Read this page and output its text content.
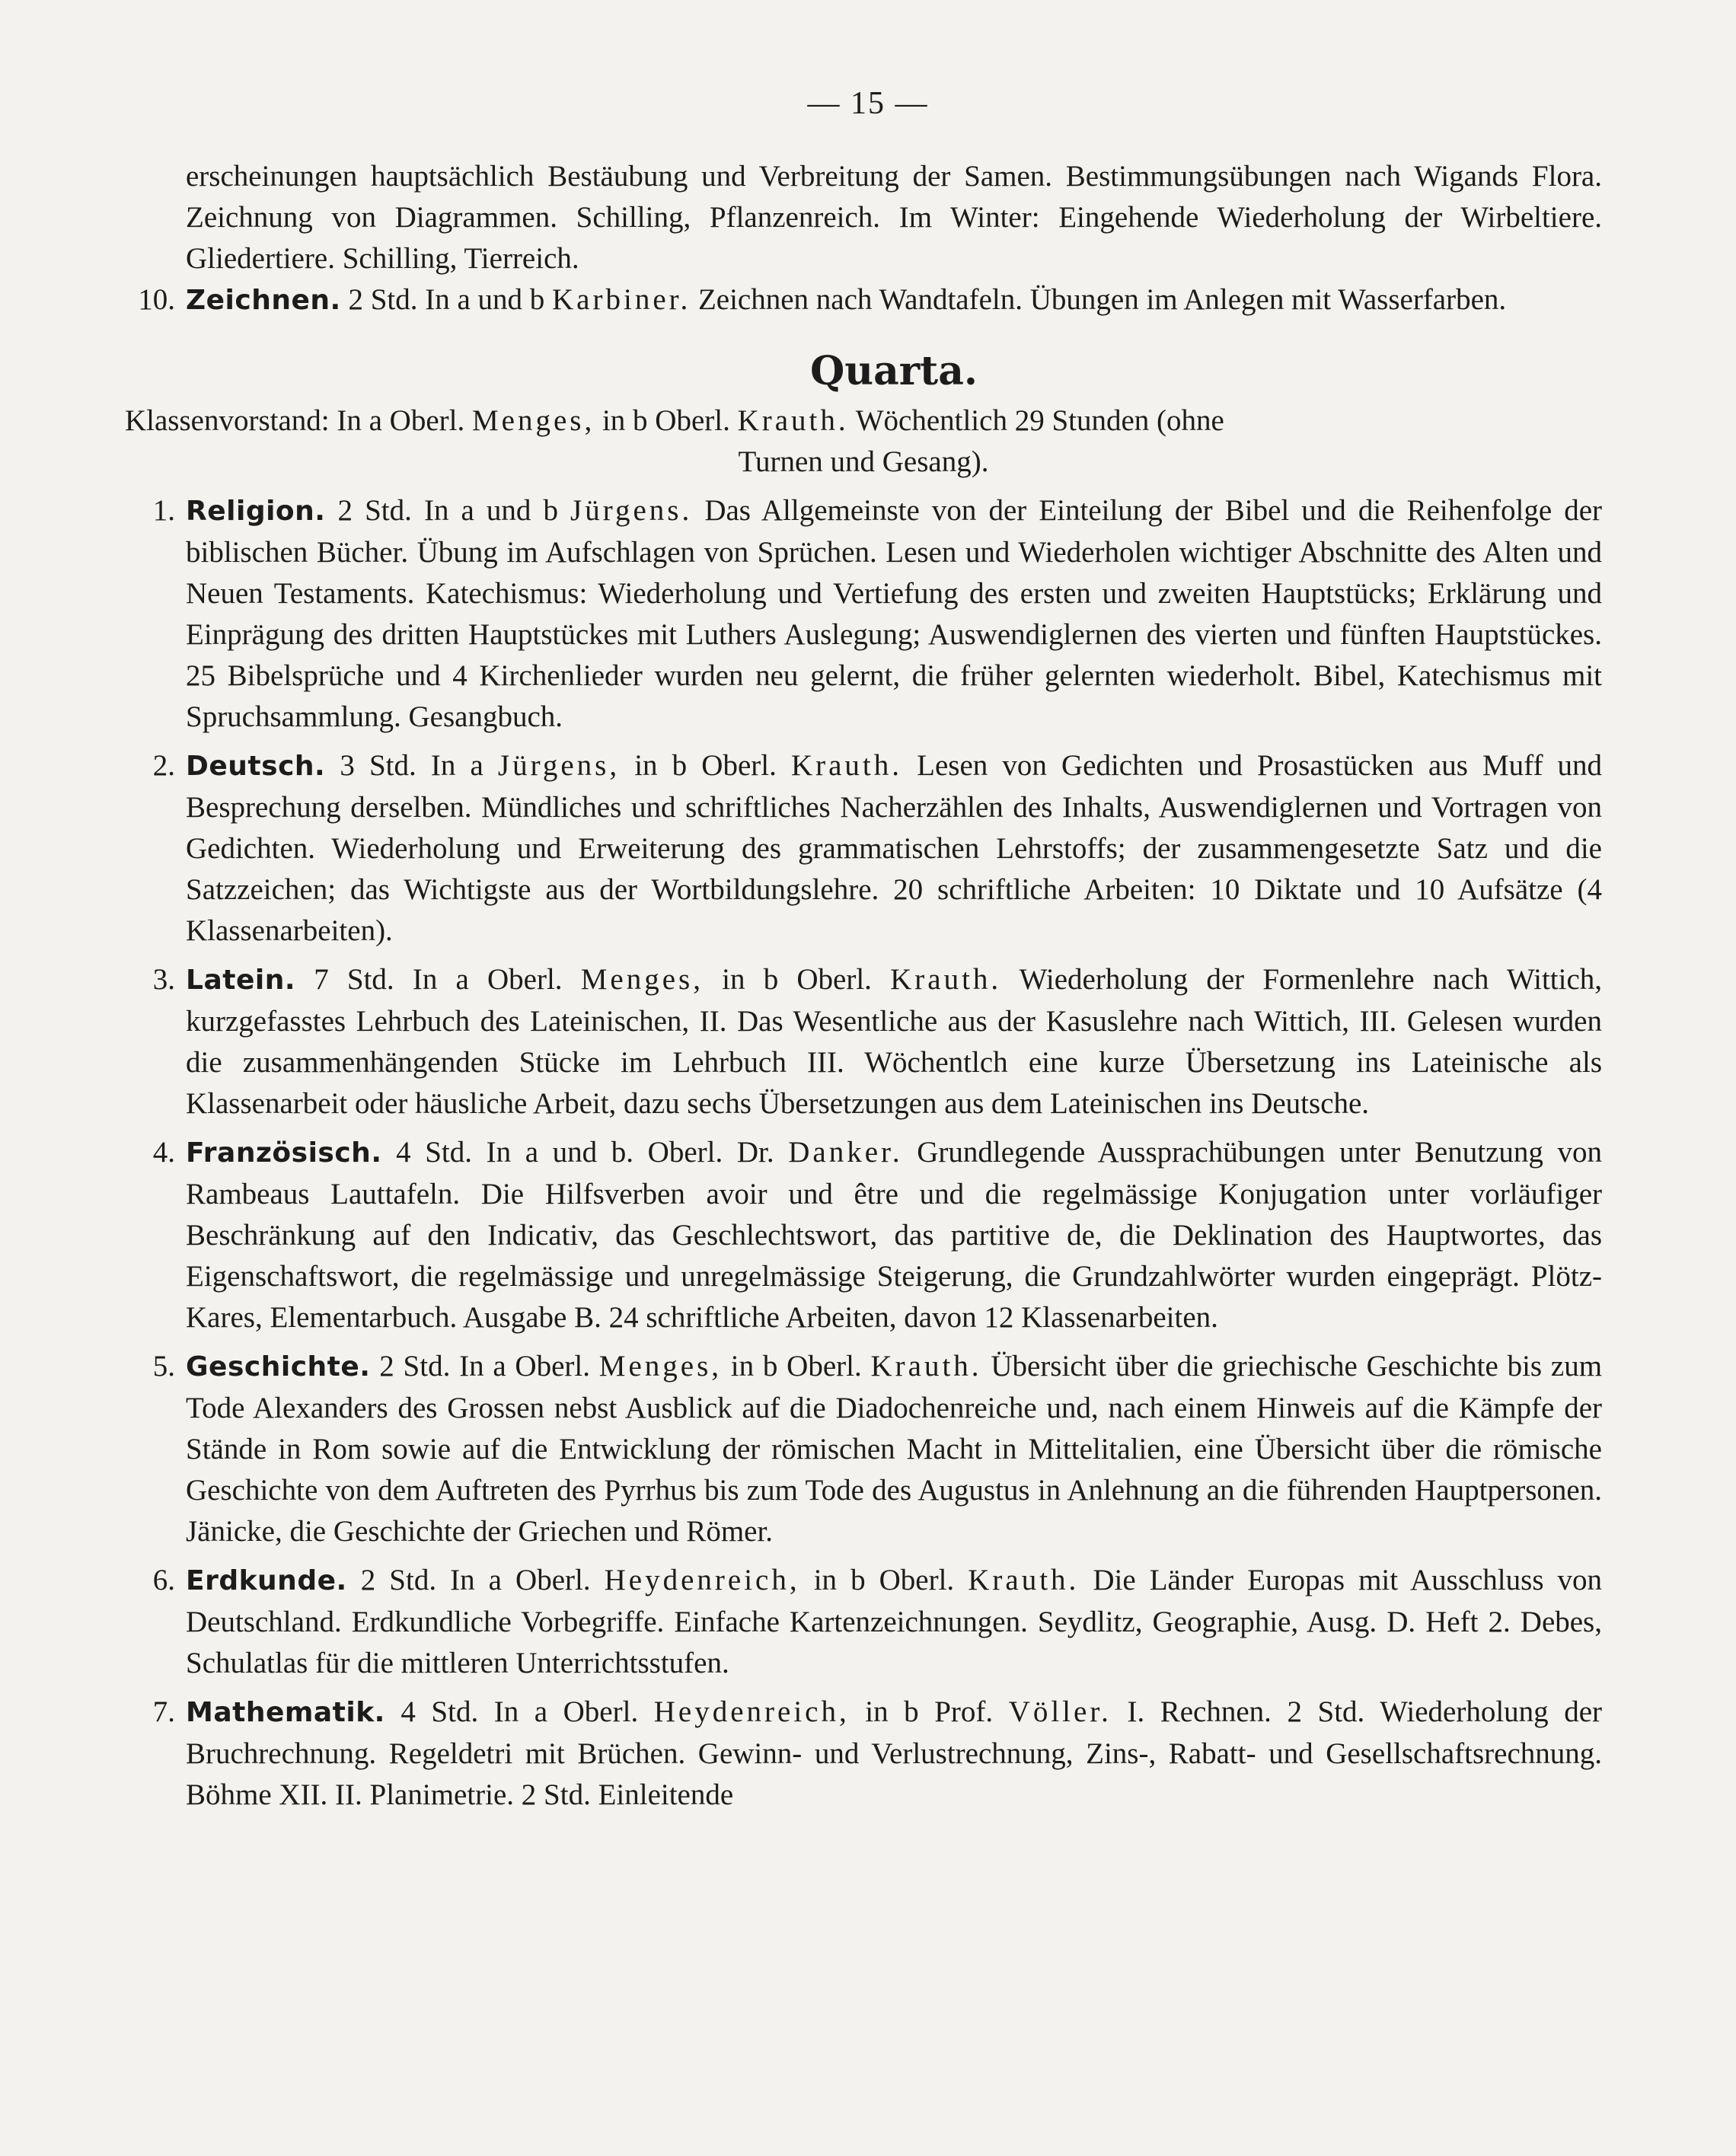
— 15 —

erscheinungen hauptsächlich Bestäubung und Verbreitung der Samen. Bestimmungsübungen nach Wigands Flora. Zeichnung von Diagrammen. Schilling, Pflanzenreich. Im Winter: Eingehende Wiederholung der Wirbeltiere. Gliedertiere. Schilling, Tierreich.

10. Zeichnen. 2 Std. In a und b Karbiner. Zeichnen nach Wandtafeln. Übungen im Anlegen mit Wasserfarben.

Quarta.

Klassenvorstand: In a Oberl. Menges, in b Oberl. Krauth. Wöchentlich 29 Stunden (ohne

Turnen und Gesang).

1. Religion. 2 Std. In a und b Jürgens. Das Allgemeinste von der Einteilung der Bibel und die Reihenfolge der biblischen Bücher. Übung im Aufschlagen von Sprüchen. Lesen und Wiederholen wichtiger Abschnitte des Alten und Neuen Testaments. Katechismus: Wiederholung und Vertiefung des ersten und zweiten Hauptstücks; Erklärung und Einprägung des dritten Hauptstückes mit Luthers Auslegung; Auswendiglernen des vierten und fünften Hauptstückes. 25 Bibelsprüche und 4 Kirchenlieder wurden neu gelernt, die früher gelernten wiederholt. Bibel, Katechismus mit Spruchsammlung. Gesangbuch.

2. Deutsch. 3 Std. In a Jürgens, in b Oberl. Krauth. Lesen von Gedichten und Prosastücken aus Muff und Besprechung derselben. Mündliches und schriftliches Nacherzählen des Inhalts, Auswendiglernen und Vortragen von Gedichten. Wiederholung und Erweiterung des grammatischen Lehrstoffs; der zusammengesetzte Satz und die Satzzeichen; das Wichtigste aus der Wortbildungslehre. 20 schriftliche Arbeiten: 10 Diktate und 10 Aufsätze (4 Klassenarbeiten).

3. Latein. 7 Std. In a Oberl. Menges, in b Oberl. Krauth. Wiederholung der Formenlehre nach Wittich, kurzgefasstes Lehrbuch des Lateinischen, II. Das Wesentliche aus der Kasuslehre nach Wittich, III. Gelesen wurden die zusammenhängenden Stücke im Lehrbuch III. Wöchentlch eine kurze Übersetzung ins Lateinische als Klassenarbeit oder häusliche Arbeit, dazu sechs Übersetzungen aus dem Lateinischen ins Deutsche.

4. Französisch. 4 Std. In a und b. Oberl. Dr. Danker. Grundlegende Aussprachübungen unter Benutzung von Rambeaus Lauttafeln. Die Hilfsverben avoir und être und die regelmässige Konjugation unter vorläufiger Beschränkung auf den Indicativ, das Geschlechtswort, das partitive de, die Deklination des Hauptwortes, das Eigenschaftswort, die regelmässige und unregelmässige Steigerung, die Grundzahlwörter wurden eingeprägt. Plötz-Kares, Elementarbuch. Ausgabe B. 24 schriftliche Arbeiten, davon 12 Klassenarbeiten.

5. Geschichte. 2 Std. In a Oberl. Menges, in b Oberl. Krauth. Übersicht über die griechische Geschichte bis zum Tode Alexanders des Grossen nebst Ausblick auf die Diadochenreiche und, nach einem Hinweis auf die Kämpfe der Stände in Rom sowie auf die Entwicklung der römischen Macht in Mittelitalien, eine Übersicht über die römische Geschichte von dem Auftreten des Pyrrhus bis zum Tode des Augustus in Anlehnung an die führenden Hauptpersonen. Jänicke, die Geschichte der Griechen und Römer.

6. Erdkunde. 2 Std. In a Oberl. Heydenreich, in b Oberl. Krauth. Die Länder Europas mit Ausschluss von Deutschland. Erdkundliche Vorbegriffe. Einfache Kartenzeichnungen. Seydlitz, Geographie, Ausg. D. Heft 2. Debes, Schulatlas für die mittleren Unterrichtsstufen.

7. Mathematik. 4 Std. In a Oberl. Heydenreich, in b Prof. Völler. I. Rechnen. 2 Std. Wiederholung der Bruchrechnung. Regeldetri mit Brüchen. Gewinn- und Verlustrechnung, Zins-, Rabatt- und Gesellschaftsrechnung. Böhme XII. II. Planimetrie. 2 Std. Einleitende
